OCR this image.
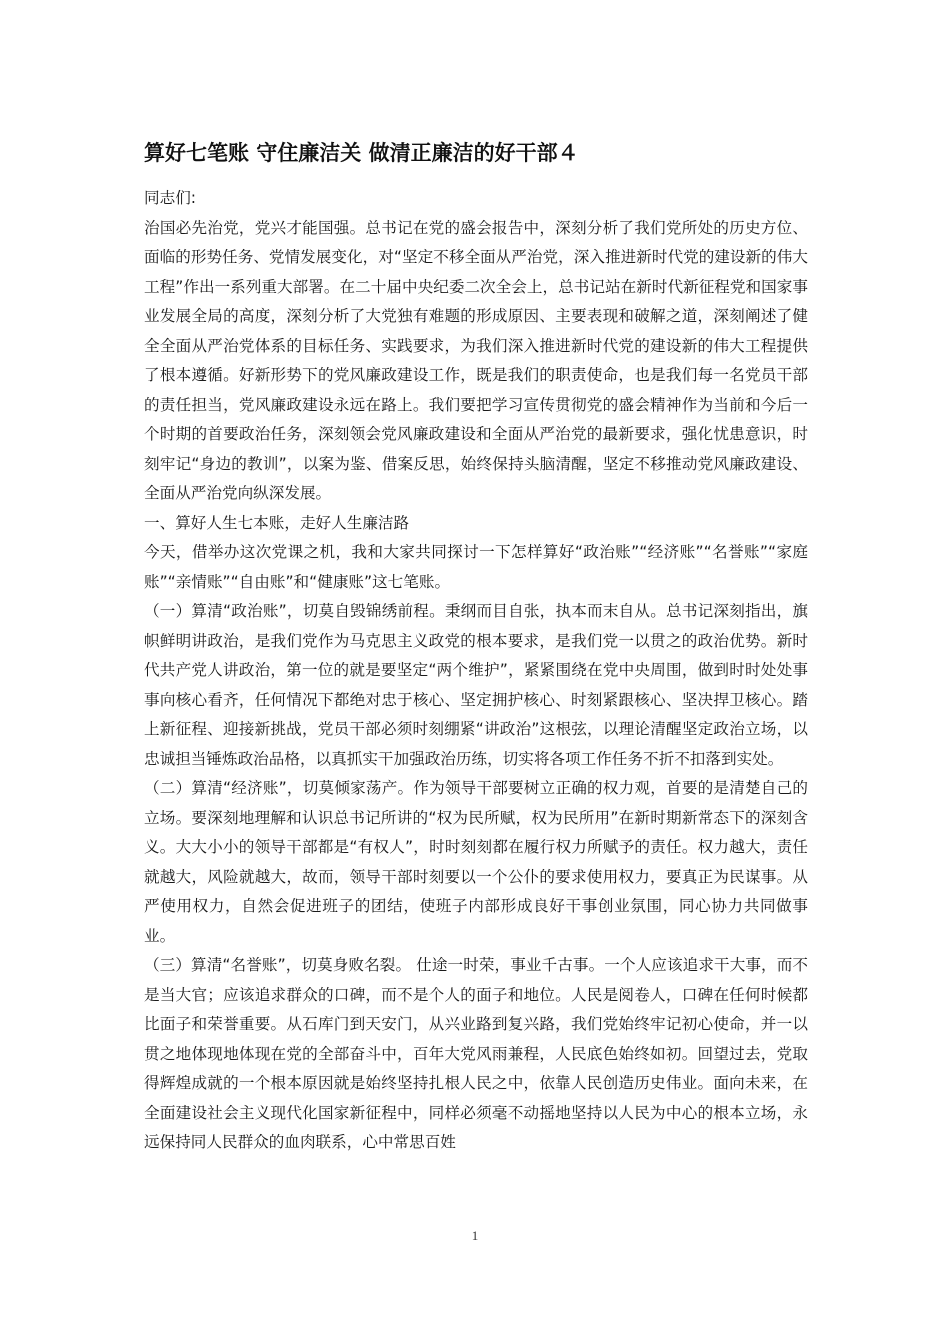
算好七笔账 守住廉洁关 做清正廉洁的好干部４

同志们:

治国必先治党，党兴才能国强。总书记在党的盛会报告中，深刻分析了我们党所处的历史方位、面临的形势任务、党情发展变化，对“坚定不移全面从严治党，深入推进新时代党的建设新的伟大工程”作出一系列重大部署。在二十届中央纪委二次全会上，总书记站在新时代新征程党和国家事业发展全局的高度，深刻分析了大党独有难题的形成原因、主要表现和破解之道，深刻阐述了健全全面从严治党体系的目标任务、实践要求，为我们深入推进新时代党的建设新的伟大工程提供了根本遵循。好新形势下的党风廉政建设工作，既是我们的职责使命，也是我们每一名党员干部的责任担当，党风廉政建设永远在路上。我们要把学习宣传贯彻党的盛会精神作为当前和今后一个时期的首要政治任务，深刻领会党风廉政建设和全面从严治党的最新要求，强化忧患意识，时刻牢记“身边的教训”，以案为鉴、借案反思，始终保持头脑清醒，坚定不移推动党风廉政建设、全面从严治党向纵深发展。

一、算好人生七本账，走好人生廉洁路

今天，借举办这次党课之机，我和大家共同探讨一下怎样算好“政治账”“经济账”“名誉账”“家庭账”“亲情账”“自由账”和“健康账”这七笔账。

（一）算清“政治账”，切莫自毁锦绣前程。秉纲而目自张，执本而末自从。总书记深刻指出，旗帜鲜明讲政治，是我们党作为马克思主义政党的根本要求，是我们党一以贯之的政治优势。新时代共产党人讲政治，第一位的就是要坚定“两个维护”，紧紧围绕在党中央周围，做到时时处处事事向核心看齐，任何情况下都绝对忠于核心、坚定拥护核心、时刻紧跟核心、坚决捍卫核心。踏上新征程、迎接新挑战，党员干部必须时刻绷紧“讲政治”这根弦，以理论清醒坚定政治立场，以忠诚担当锤炼政治品格，以真抓实干加强政治历练，切实将各项工作任务不折不扣落到实处。

（二）算清“经济账”，切莫倾家荡产。作为领导干部要树立正确的权力观，首要的是清楚自己的立场。要深刻地理解和认识总书记所讲的“权为民所赋，权为民所用”在新时期新常态下的深刻含义。大大小小的领导干部都是“有权人”，时时刻刻都在履行权力所赋予的责任。权力越大，责任就越大，风险就越大，故而，领导干部时刻要以一个公仆的要求使用权力，要真正为民谋事。从严使用权力，自然会促进班子的团结，使班子内部形成良好干事创业氛围，同心协力共同做事业。

（三）算清“名誉账”，切莫身败名裂。 仕途一时荣，事业千古事。一个人应该追求干大事，而不是当大官；应该追求群众的口碑，而不是个人的面子和地位。人民是阅卷人，口碑在任何时候都比面子和荣誉重要。从石库门到天安门，从兴业路到复兴路，我们党始终牢记初心使命，并一以贯之地体现地体现在党的全部奋斗中，百年大党风雨兼程，人民底色始终如初。回望过去，党取得辉煌成就的一个根本原因就是始终坚持扎根人民之中，依靠人民创造历史伟业。面向未来，在全面建设社会主义现代化国家新征程中，同样必须毫不动摇地坚持以人民为中心的根本立场，永远保持同人民群众的血肉联系，心中常思百姓

1
